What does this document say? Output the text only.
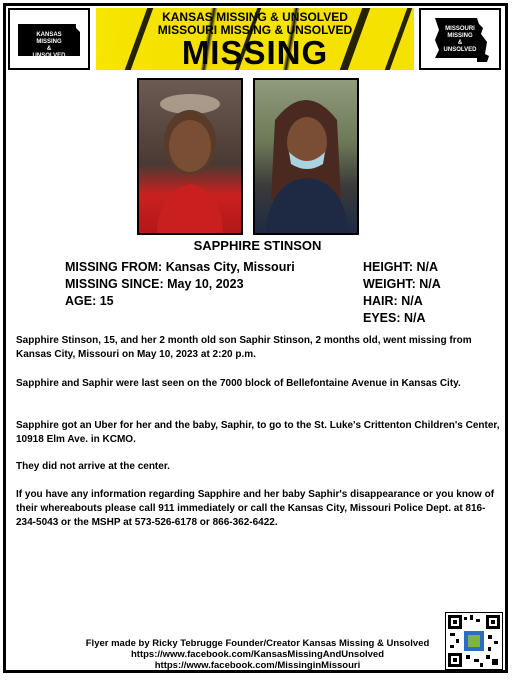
KANSAS
MISSING
&
UNSOLVED
KANSAS MISSING & UNSOLVED
MISSOURI MISSING & UNSOLVED
MISSING
MISSOURI
MISSING
&
UNSOLVED
SAPPHIRE STINSON
MISSING FROM: Kansas City, Missouri
MISSING SINCE: May 10, 2023
AGE: 15
HEIGHT: N/A
WEIGHT: N/A
HAIR: N/A
EYES: N/A
Sapphire Stinson, 15, and her 2 month old son Saphir Stinson, 2 months old, went missing from Kansas City, Missouri on May 10, 2023 at 2:20 p.m.
Sapphire and Saphir were last seen on the 7000 block of Bellefontaine Avenue in Kansas City.
Sapphire got an Uber for her and the baby, Saphir, to go to the St. Luke's Crittenton Children's Center, 10918 Elm Ave. in KCMO.
They did not arrive at the center.
If you have any information regarding Sapphire and her baby Saphir's disappearance or you know of their whereabouts please call 911 immediately or call the Kansas City, Missouri Police Dept. at 816-234-5043 or the MSHP at 573-526-6178 or 866-362-6422.
Flyer made by Ricky Tebrugge Founder/Creator Kansas Missing & Unsolved
https://www.facebook.com/KansasMissingAndUnsolved
https://www.facebook.com/MissinginMissouri
